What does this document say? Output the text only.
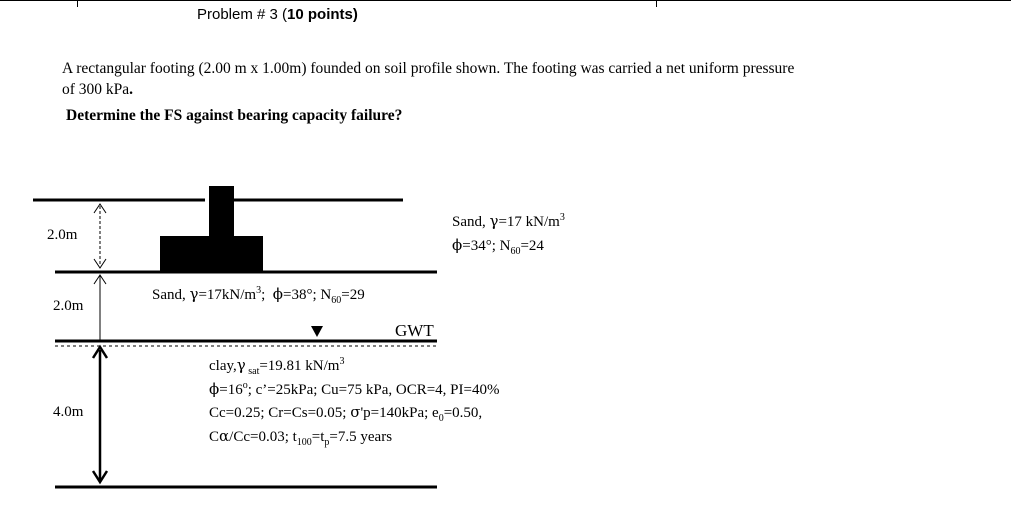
Problem # 3 (10 points)
A rectangular footing (2.00 m x 1.00m) founded on soil profile shown. The footing was carried a net uniform pressure
of 300 kPa.
Determine the FS against bearing capacity failure?
2.0m
2.0m
4.0m
GWT
Sand, γ=17 $kN/m^3$
ϕ=34°; $N_{60}=24$
Sand, $\gamma=17kN/m^3$;  ϕ=38°; $N_{60}=29$
clay,γ $_{sat}$=19.81 $kN/m^3$
$\phi=16^o$; c’=25kPa; Cu=75 kPa, OCR=4, PI=40%
Cc=0.25; Cr=Cs=0.05; σ'p=140kPa; $e_0=0.50$,
Cα/Cc=0.03; $t_{100}=t_p=7.5$ years
